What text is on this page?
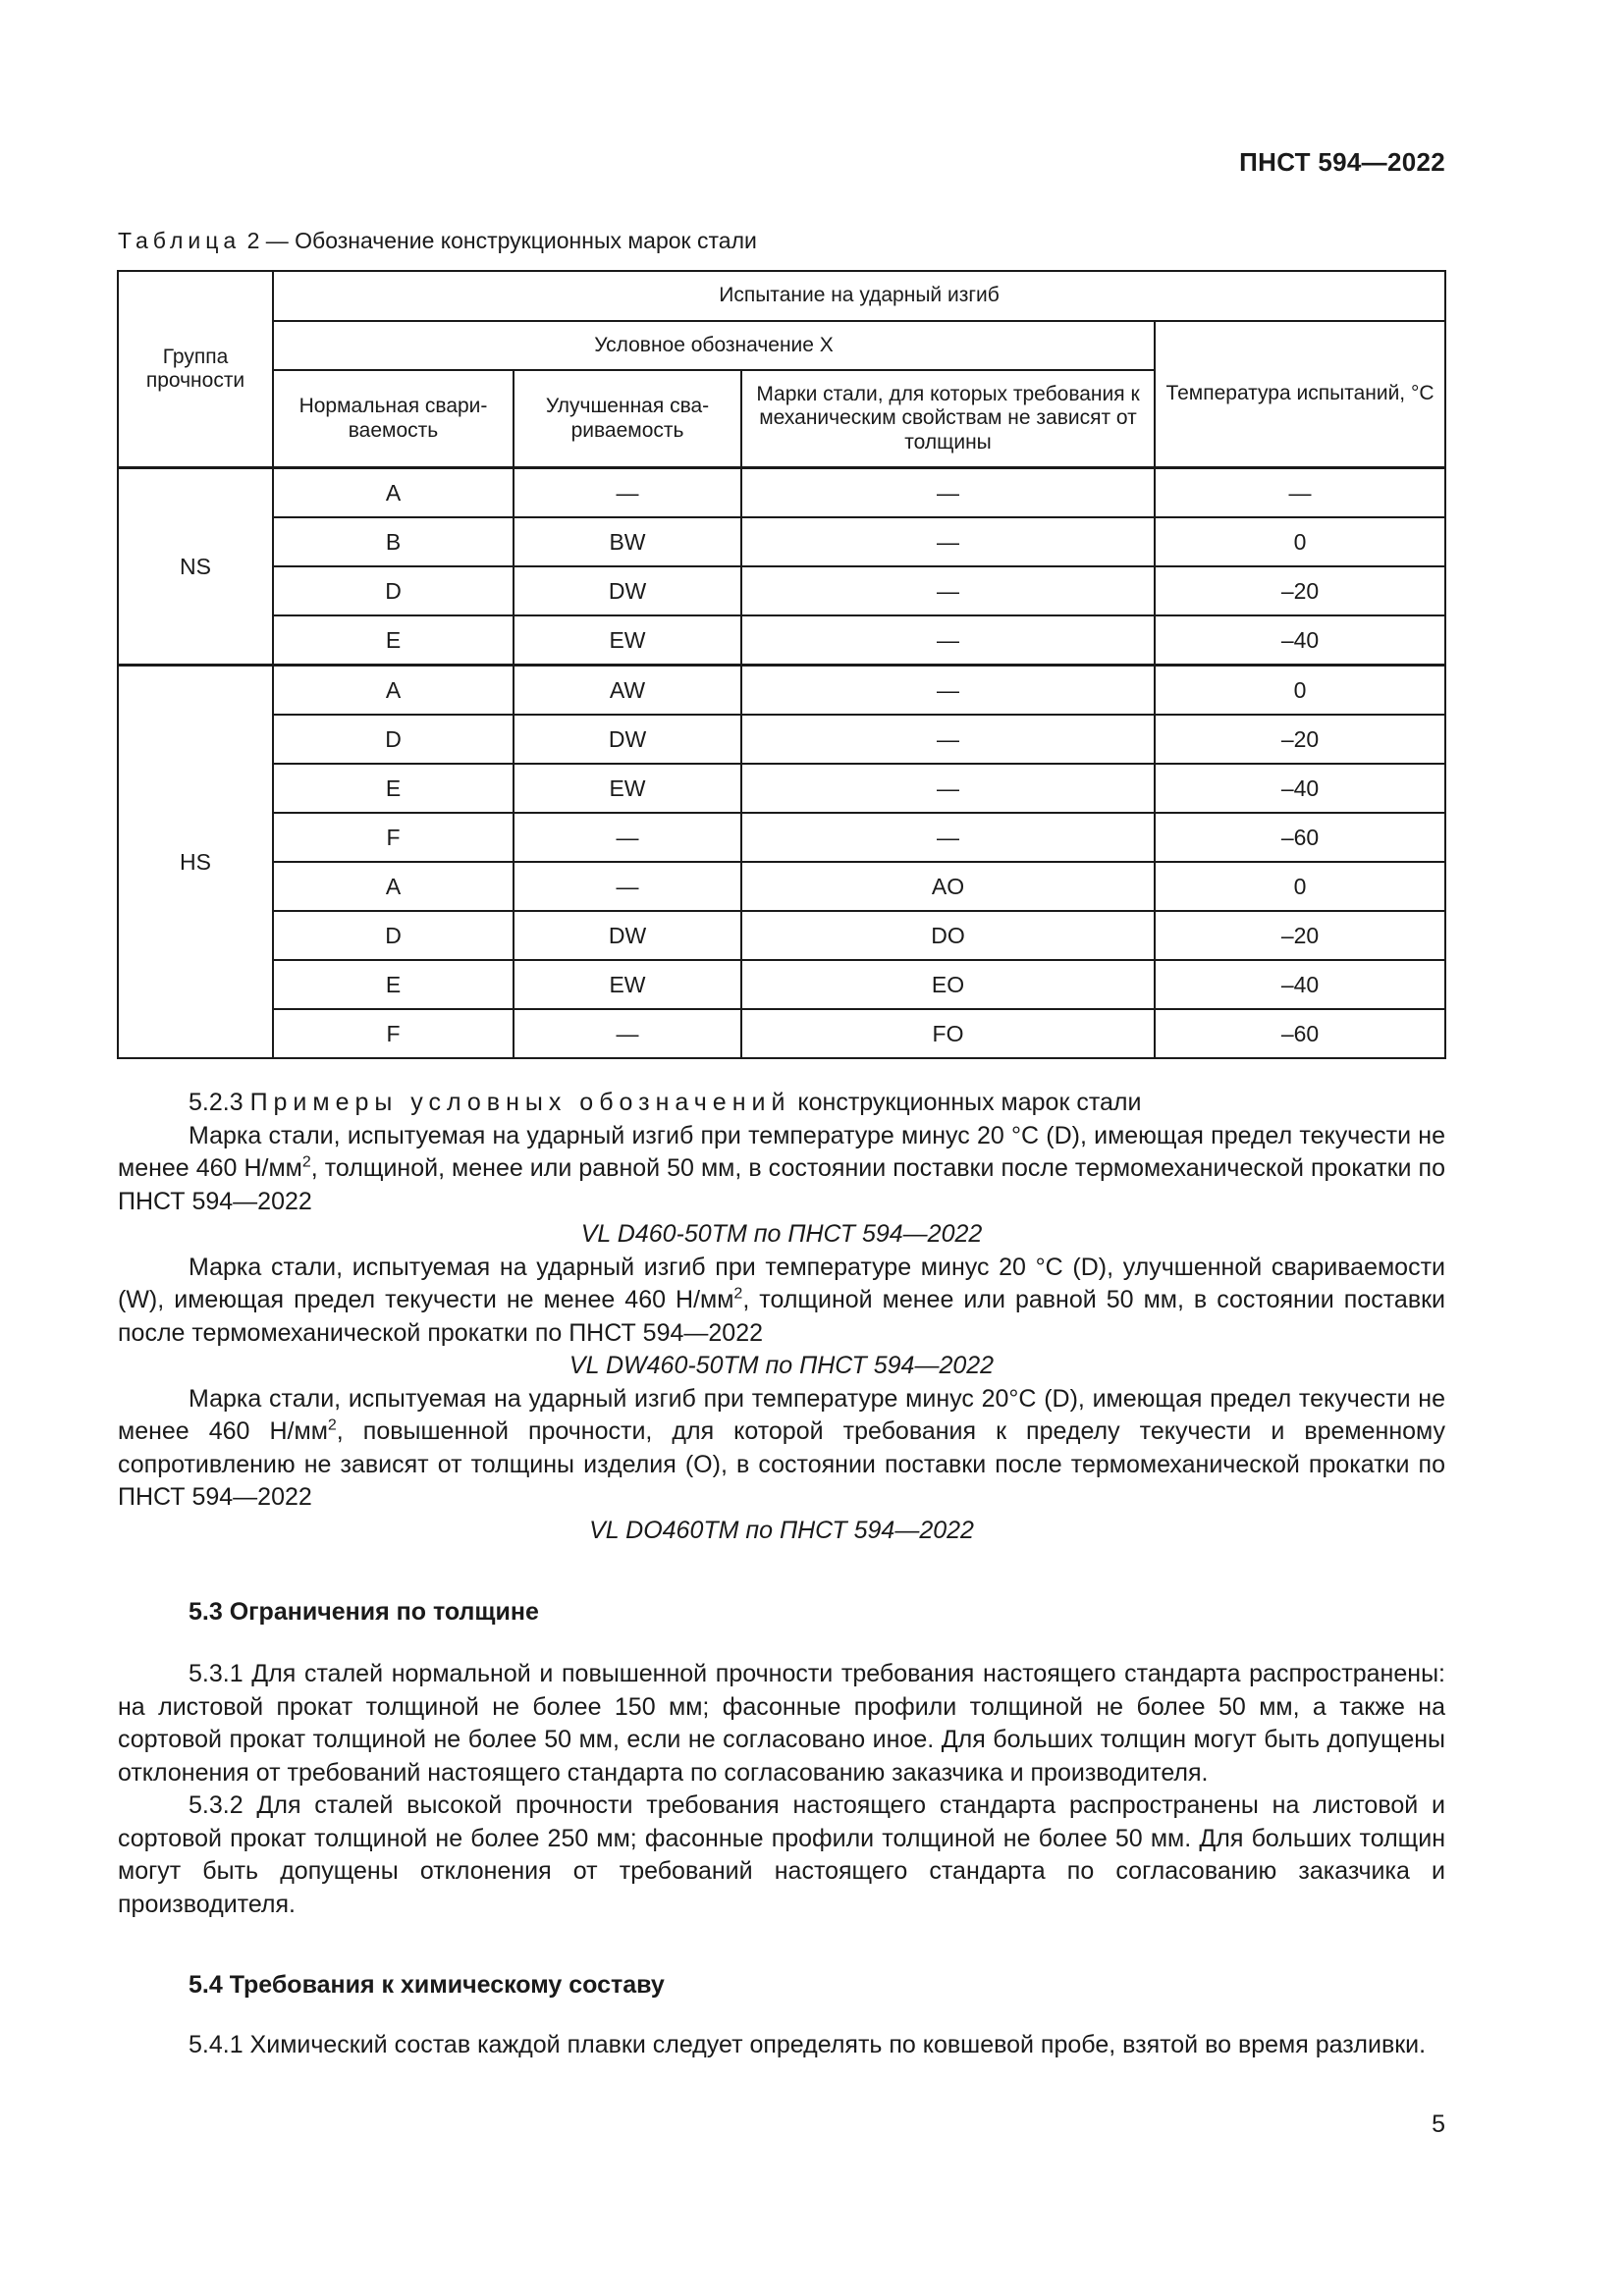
ПНСТ 594—2022
Таблица 2 — Обозначение конструкционных марок стали
Группа прочности	Испытание на ударный изгиб			
	Условное обозначение X			Температура испытаний, °С
	Нормальная свариваемость	Улучшенная свариваемость	Марки стали, для которых требования к механическим свойствам не зависят от толщины	
NS	A	—	—	—
	B	BW	—	0
	D	DW	—	–20
	E	EW	—	–40
HS	A	AW	—	0
	D	DW	—	–20
	E	EW	—	–40
	F	—	—	–60
	A	—	AO	0
	D	DW	DO	–20
	E	EW	EO	–40
	F	—	FO	–60

5.2.3 Примеры условных обозначений конструкционных марок стали

Марка стали, испытуемая на ударный изгиб при температуре минус 20 °С (D), имеющая предел текучести не менее 460 $Н/мм^2$, толщиной, менее или равной 50 мм, в состоянии поставки после термомеханической прокатки по ПНСТ 594—2022

VL D460-50TM по ПНСТ 594—2022

Марка стали, испытуемая на ударный изгиб при температуре минус 20 °С (D), улучшенной свариваемости (W), имеющая предел текучести не менее 460 $Н/мм^2$, толщиной менее или равной 50 мм, в состоянии поставки после термомеханической прокатки по ПНСТ 594—2022

VL DW460-50TM по ПНСТ 594—2022

Марка стали, испытуемая на ударный изгиб при температуре минус 20°С (D), имеющая предел текучести не менее 460 $Н/мм^2$, повышенной прочности, для которой требования к пределу текучести и временному сопротивлению не зависят от толщины изделия (O), в состоянии поставки после термомеханической прокатки по ПНСТ 594—2022

VL DO460TM по ПНСТ 594—2022

5.3 Ограничения по толщине

5.3.1 Для сталей нормальной и повышенной прочности требования настоящего стандарта распространены: на листовой прокат толщиной не более 150 мм; фасонные профили толщиной не более 50 мм, а также на сортовой прокат толщиной не более 50 мм, если не согласовано иное. Для больших толщин могут быть допущены отклонения от требований настоящего стандарта по согласованию заказчика и производителя.

5.3.2 Для сталей высокой прочности требования настоящего стандарта распространены на листовой и сортовой прокат толщиной не более 250 мм; фасонные профили толщиной не более 50 мм. Для больших толщин могут быть допущены отклонения от требований настоящего стандарта по согласованию заказчика и производителя.

5.4 Требования к химическому составу

5.4.1 Химический состав каждой плавки следует определять по ковшевой пробе, взятой во время разливки.

5
